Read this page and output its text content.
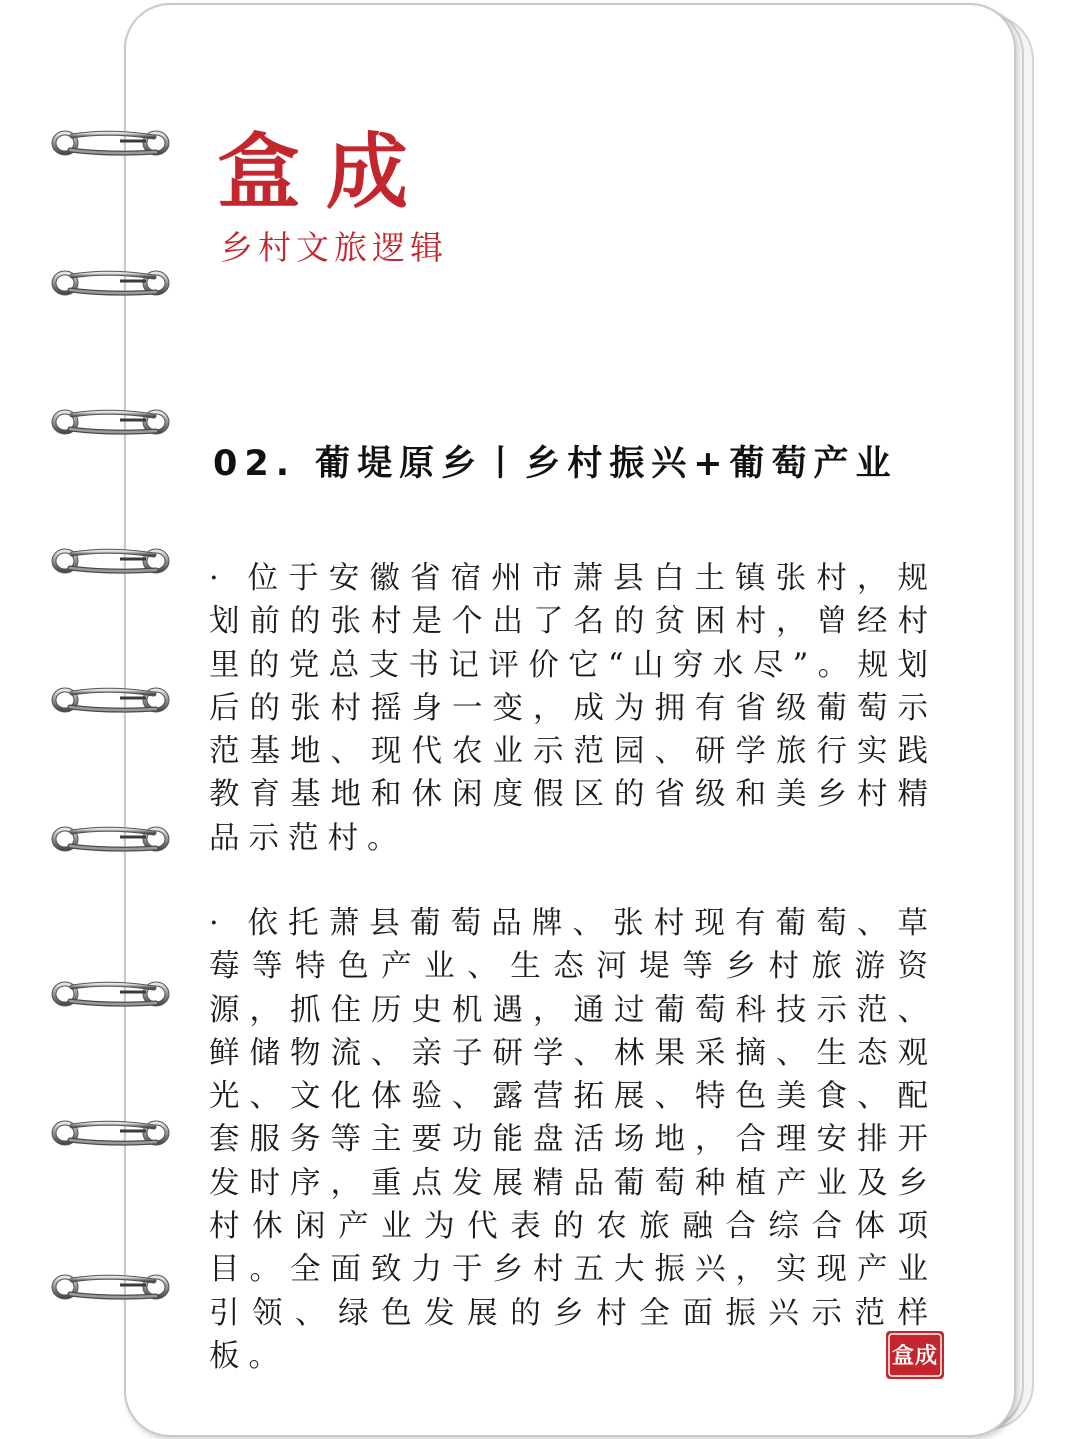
盒成

乡村文旅逻辑

02. 葡堤原乡丨乡村振兴+葡萄产业

· 位于安徽省宿州市萧县白土镇张村，规划前的张村是个出了名的贫困村，曾经村里的党总支书记评价它“山穷水尽”。规划后的张村摇身一变，成为拥有省级葡萄示范基地、现代农业示范园、研学旅行实践教育基地和休闲度假区的省级和美乡村精品示范村。

· 依托萧县葡萄品牌、张村现有葡萄、草莓等特色产业、生态河堤等乡村旅游资源，抓住历史机遇，通过葡萄科技示范、鲜储物流、亲子研学、林果采摘、生态观光、文化体验、露营拓展、特色美食、配套服务等主要功能盘活场地，合理安排开发时序，重点发展精品葡萄种植产业及乡村休闲产业为代表的农旅融合综合体项目。全面致力于乡村五大振兴，实现产业引领、绿色发展的乡村全面振兴示范样板。	盒成
